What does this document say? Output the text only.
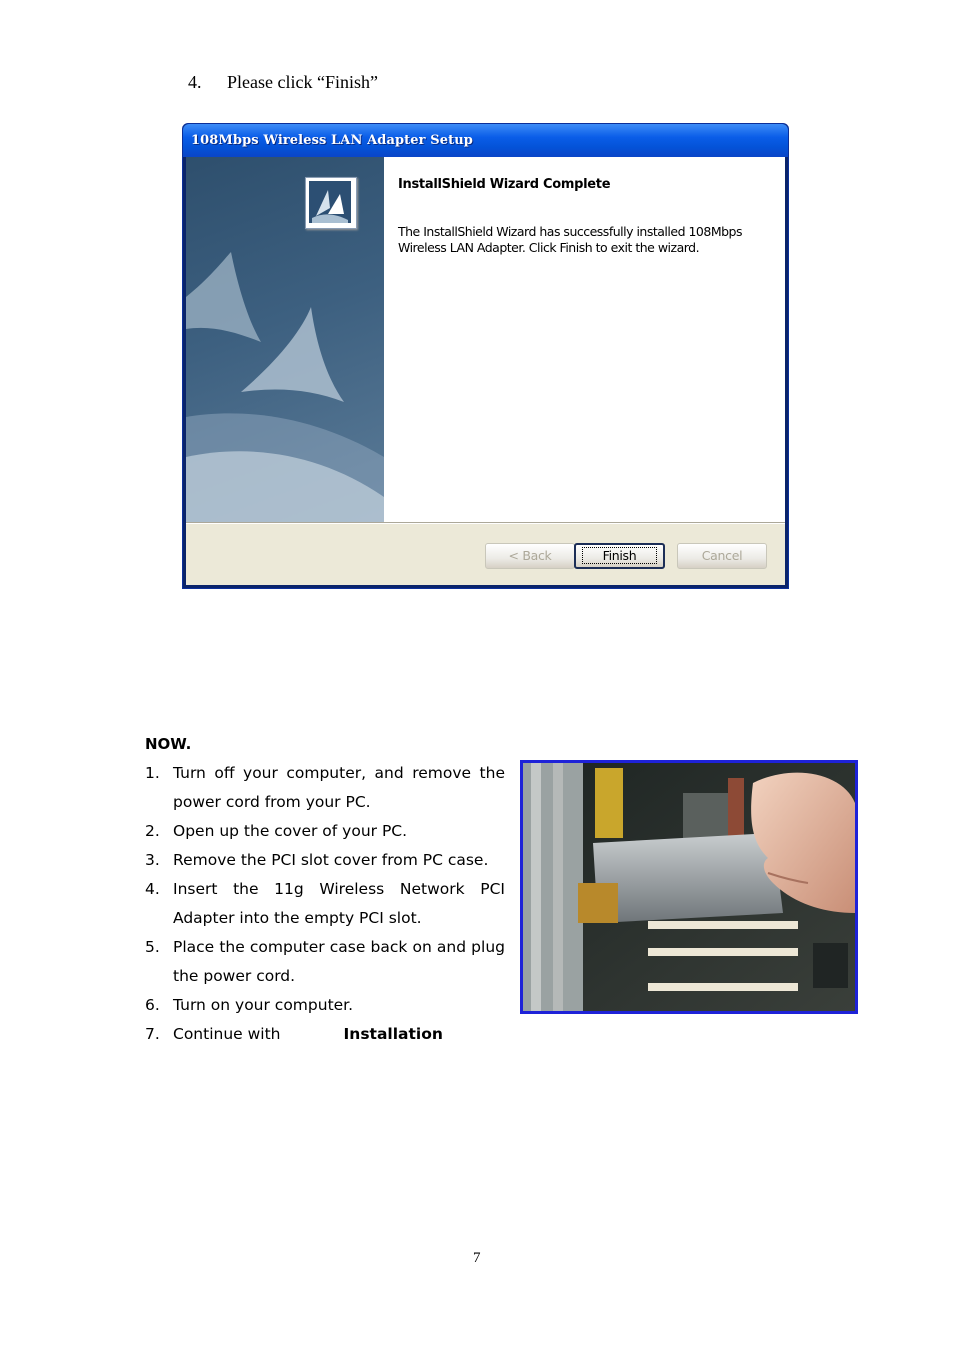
4. Please click “Finish”
108Mbps Wireless LAN Adapter Setup
InstallShield Wizard Complete

The InstallShield Wizard has successfully installed 108Mbps Wireless LAN Adapter. Click Finish to exit the wizard.

< Back	Finish	Cancel
NOW.
1. Turn off your computer, and remove the power cord from your PC.
2. Open up the cover of your PC.
3. Remove the PCI slot cover from PC case.
4. Insert the 11g Wireless Network PCI Adapter into the empty PCI slot.
5. Place the computer case back on and plug the power cord.
6. Turn on your computer.
7. Continue with	Installation
7
